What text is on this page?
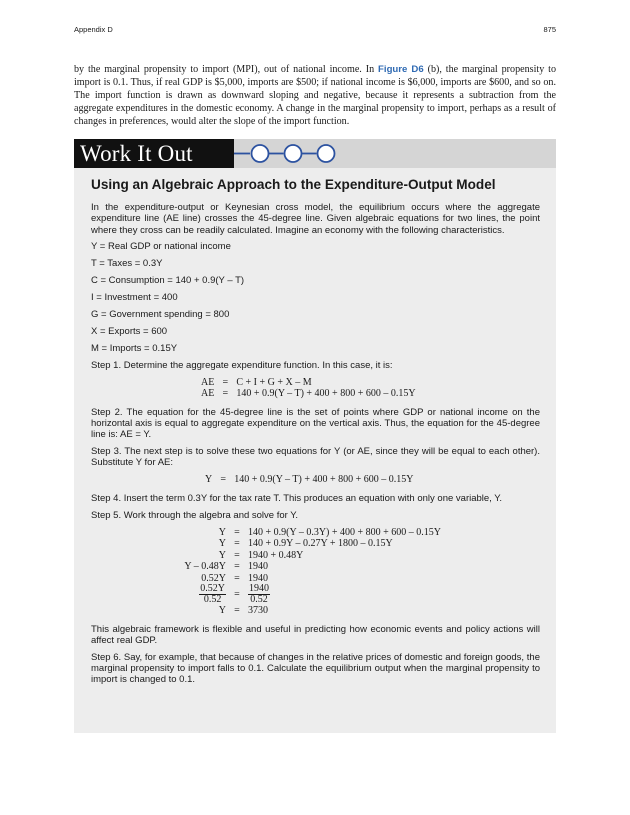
Appendix D	875

by the marginal propensity to import (MPI), out of national income. In Figure D6 (b), the marginal propensity to import is 0.1. Thus, if real GDP is $5,000, imports are $500; if national income is $6,000, imports are $600, and so on. The import function is drawn as downward sloping and negative, because it represents a subtraction from the aggregate expenditures in the domestic economy. A change in the marginal propensity to import, perhaps as a result of changes in preferences, would alter the slope of the import function.

Work It Out
Using an Algebraic Approach to the Expenditure-Output Model

In the expenditure-output or Keynesian cross model, the equilibrium occurs where the aggregate expenditure line (AE line) crosses the 45-degree line. Given algebraic equations for two lines, the point where they cross can be readily calculated. Imagine an economy with the following characteristics.

Y = Real GDP or national income

T = Taxes = 0.3Y

C = Consumption = 140 + 0.9(Y – T)

I = Investment = 400

G = Government spending = 800

X = Exports = 600

M = Imports = 0.15Y

Step 1. Determine the aggregate expenditure function. In this case, it is:

AE	=	C + I + G + X – M
AE	=	140 + 0.9(Y – T) + 400 + 800 + 600 – 0.15Y

Step 2. The equation for the 45-degree line is the set of points where GDP or national income on the horizontal axis is equal to aggregate expenditure on the vertical axis. Thus, the equation for the 45-degree line is: AE = Y.

Step 3. The next step is to solve these two equations for Y (or AE, since they will be equal to each other). Substitute Y for AE:

Y	=	140 + 0.9(Y – T) + 400 + 800 + 600 – 0.15Y

Step 4. Insert the term 0.3Y for the tax rate T. This produces an equation with only one variable, Y.

Step 5. Work through the algebra and solve for Y.

Y	=	140 + 0.9(Y – 0.3Y) + 400 + 800 + 600 – 0.15Y
Y	=	140 + 0.9Y – 0.27Y + 1800 – 0.15Y
Y	=	1940 + 0.48Y
Y – 0.48Y	=	1940
0.52Y	=	1940

$\frac{0.52Y}{0.52}$	=	$\frac{1940}{0.52}$

Y	=	3730

This algebraic framework is flexible and useful in predicting how economic events and policy actions will affect real GDP.

Step 6. Say, for example, that because of changes in the relative prices of domestic and foreign goods, the marginal propensity to import falls to 0.1. Calculate the equilibrium output when the marginal propensity to import is changed to 0.1.
